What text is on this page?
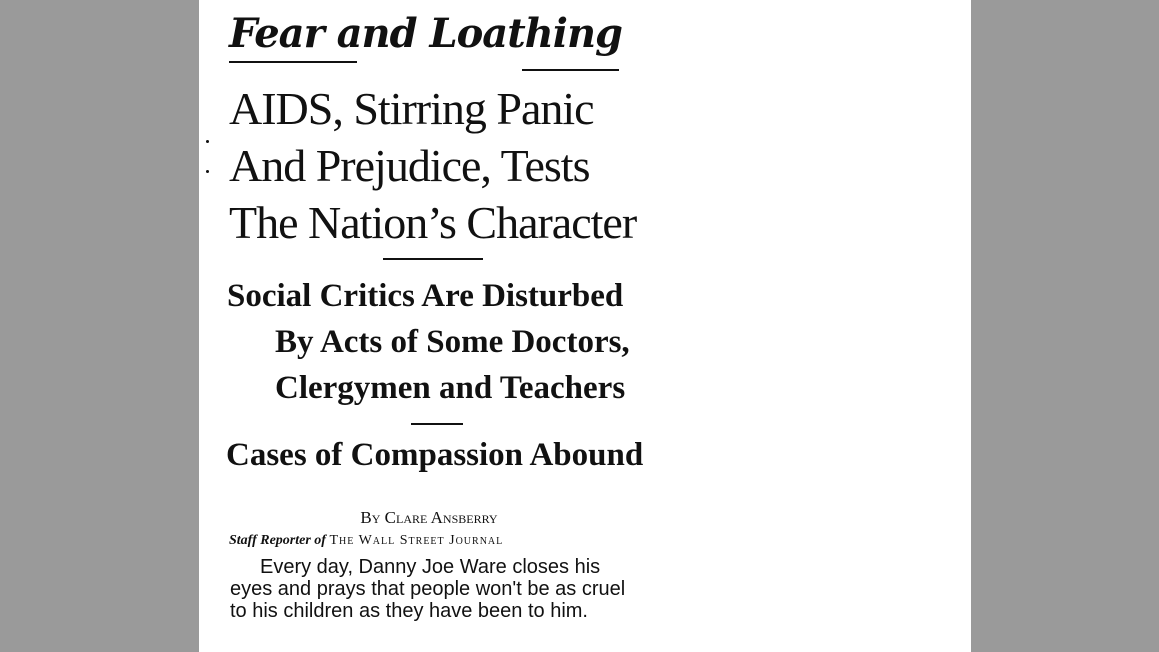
Fear and Loathing
AIDS, Stirring Panic
And Prejudice, Tests
The Nation’s Character
Social Critics Are Disturbed
By Acts of Some Doctors,
Clergymen and Teachers
Cases of Compassion Abound
By Clare Ansberry
Staff Reporter of The Wall Street Journal

Every day, Danny Joe Ware closes his eyes and prays that people won't be as cruel to his children as they have been to him.
